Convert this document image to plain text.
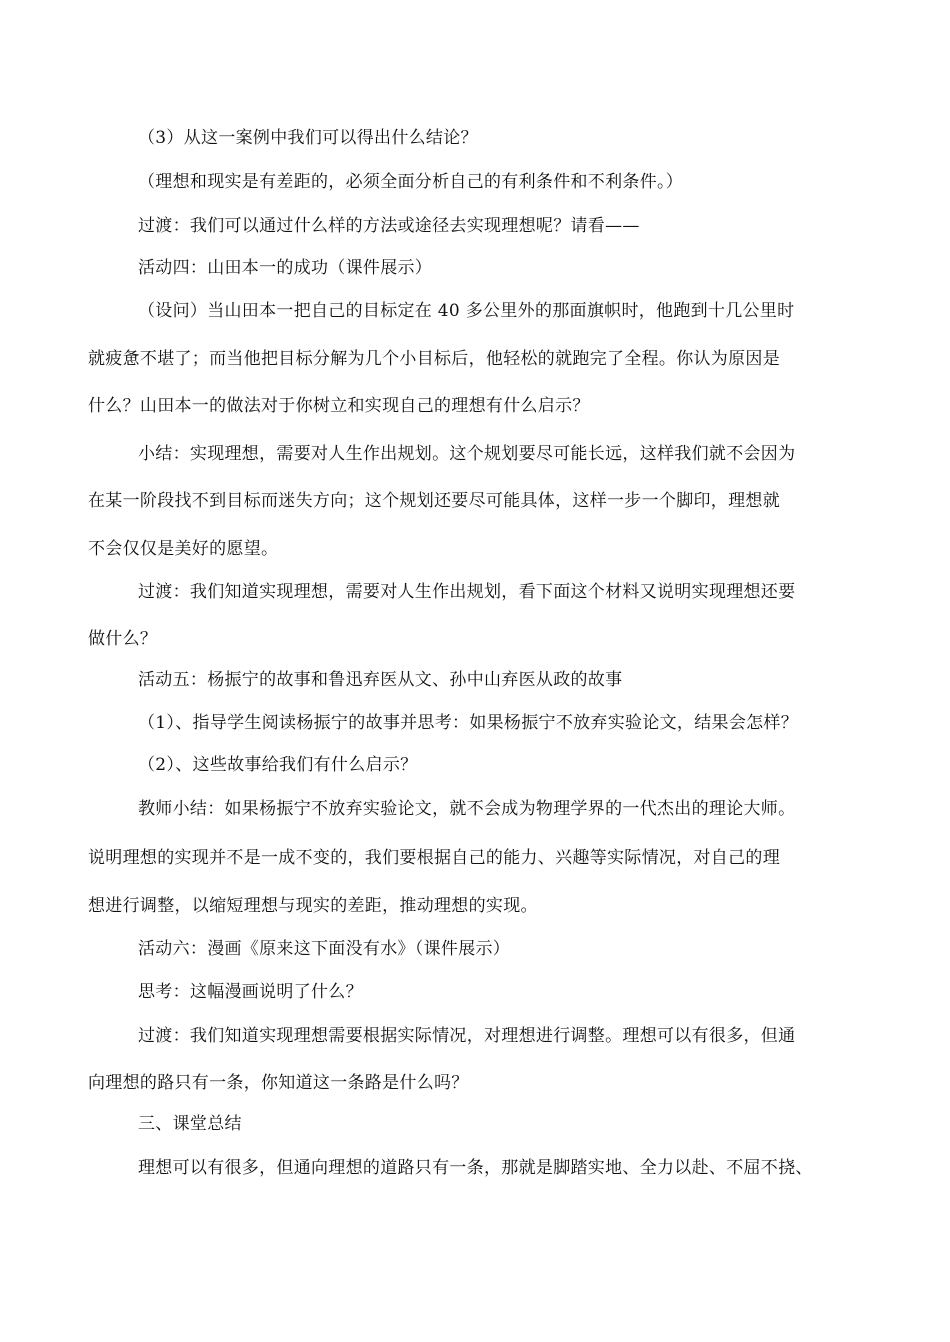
（3）从这一案例中我们可以得出什么结论？
（理想和现实是有差距的，必须全面分析自己的有利条件和不利条件。）
过渡：我们可以通过什么样的方法或途径去实现理想呢？请看——
活动四：山田本一的成功（课件展示）
（设问）当山田本一把自己的目标定在 40 多公里外的那面旗帜时，他跑到十几公里时
就疲惫不堪了；而当他把目标分解为几个小目标后，他轻松的就跑完了全程。你认为原因是
什么？山田本一的做法对于你树立和实现自己的理想有什么启示？
小结：实现理想，需要对人生作出规划。这个规划要尽可能长远，这样我们就不会因为
在某一阶段找不到目标而迷失方向；这个规划还要尽可能具体，这样一步一个脚印，理想就
不会仅仅是美好的愿望。
过渡：我们知道实现理想，需要对人生作出规划，看下面这个材料又说明实现理想还要
做什么？
活动五：杨振宁的故事和鲁迅弃医从文、孙中山弃医从政的故事
（1）、指导学生阅读杨振宁的故事并思考：如果杨振宁不放弃实验论文，结果会怎样？
（2）、这些故事给我们有什么启示？
教师小结：如果杨振宁不放弃实验论文，就不会成为物理学界的一代杰出的理论大师。
说明理想的实现并不是一成不变的，我们要根据自己的能力、兴趣等实际情况，对自己的理
想进行调整，以缩短理想与现实的差距，推动理想的实现。
活动六：漫画《原来这下面没有水》（课件展示）
思考：这幅漫画说明了什么？
过渡：我们知道实现理想需要根据实际情况，对理想进行调整。理想可以有很多，但通
向理想的路只有一条，你知道这一条路是什么吗？
三、课堂总结
理想可以有很多，但通向理想的道路只有一条，那就是脚踏实地、全力以赴、不屈不挠、
